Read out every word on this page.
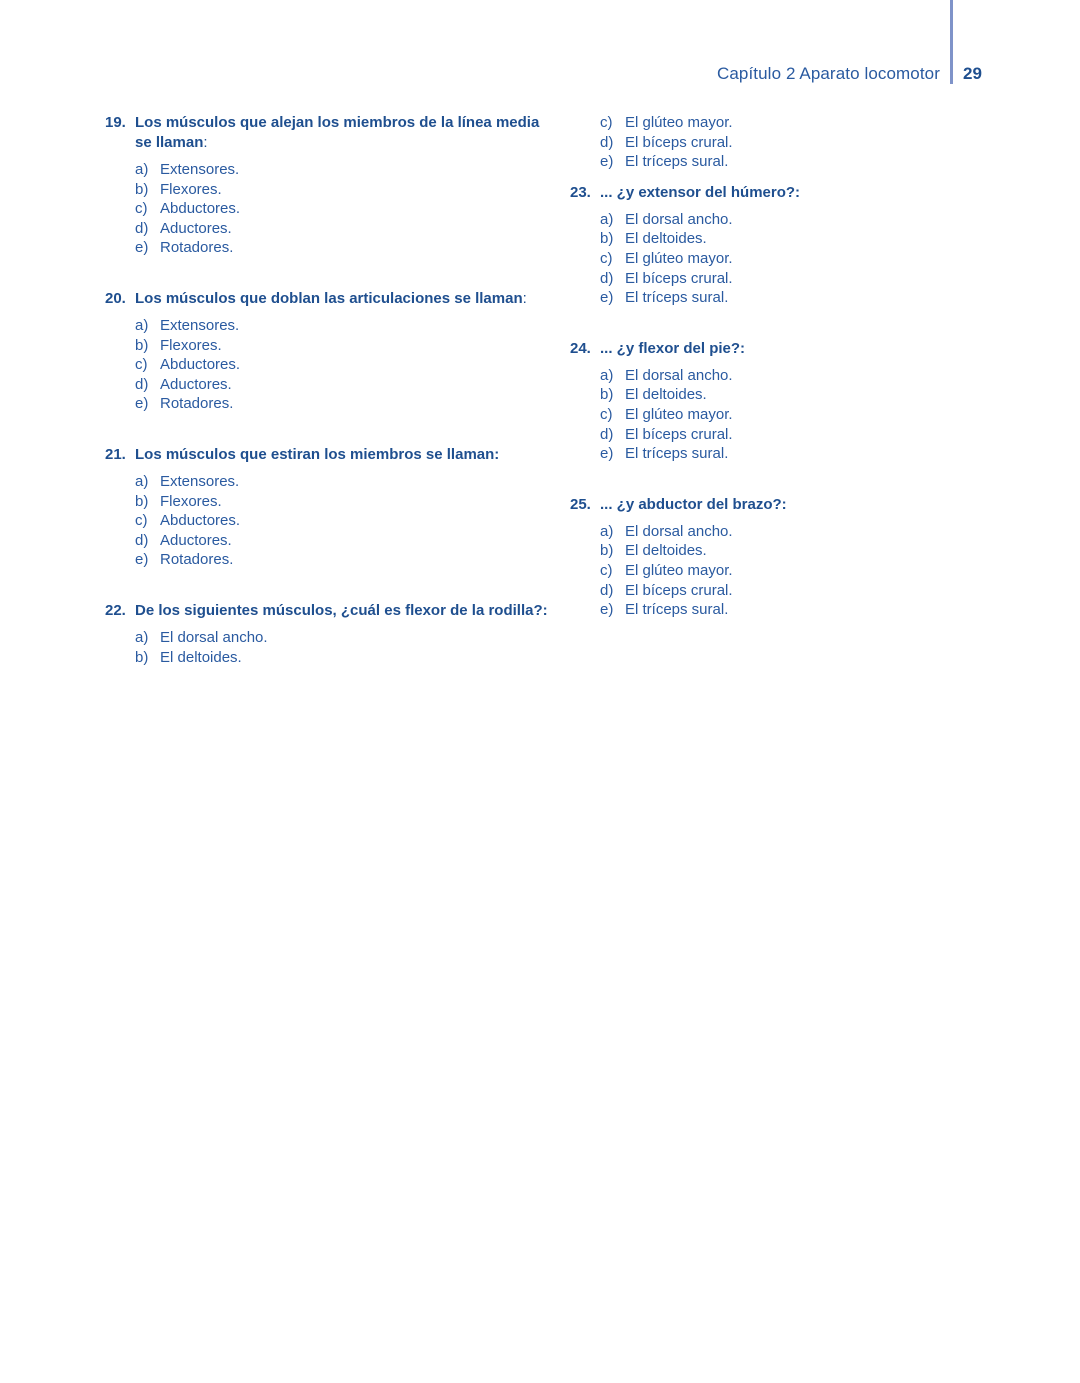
Capítulo 2 Aparato locomotor 29
19. Los músculos que alejan los miembros de la línea media se llaman:
a) Extensores.
b) Flexores.
c) Abductores.
d) Aductores.
e) Rotadores.
20. Los músculos que doblan las articulaciones se llaman:
a) Extensores.
b) Flexores.
c) Abductores.
d) Aductores.
e) Rotadores.
21. Los músculos que estiran los miembros se llaman:
a) Extensores.
b) Flexores.
c) Abductores.
d) Aductores.
e) Rotadores.
22. De los siguientes músculos, ¿cuál es flexor de la rodilla?:
a) El dorsal ancho.
b) El deltoides.
c) El glúteo mayor.
d) El bíceps crural.
e) El tríceps sural.
23. ... ¿y extensor del húmero?:
a) El dorsal ancho.
b) El deltoides.
c) El glúteo mayor.
d) El bíceps crural.
e) El tríceps sural.
24. ... ¿y flexor del pie?:
a) El dorsal ancho.
b) El deltoides.
c) El glúteo mayor.
d) El bíceps crural.
e) El tríceps sural.
25. ... ¿y abductor del brazo?:
a) El dorsal ancho.
b) El deltoides.
c) El glúteo mayor.
d) El bíceps crural.
e) El tríceps sural.
